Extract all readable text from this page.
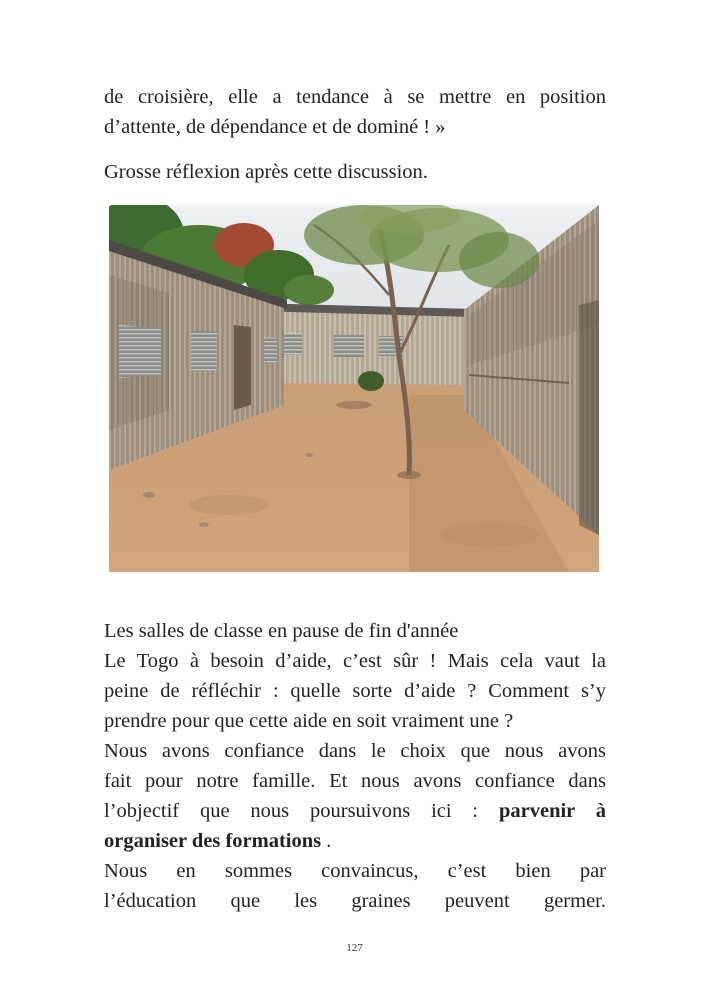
de croisière, elle a tendance à se mettre en position
d’attente, de dépendance et de dominé ! »
Grosse réflexion après cette discussion.
Les salles de classe en pause de fin d'année
Le Togo à besoin d’aide, c’est sûr ! Mais cela vaut la
peine de réfléchir : quelle sorte d’aide ? Comment s’y
prendre pour que cette aide en soit vraiment une ?
Nous avons confiance dans le choix que nous avons
fait pour notre famille. Et nous avons confiance dans
l’objectif que nous poursuivons ici : parvenir à
organiser des formations .
Nous en sommes convaincus, c’est bien par
l’éducation que les graines peuvent germer.
127
